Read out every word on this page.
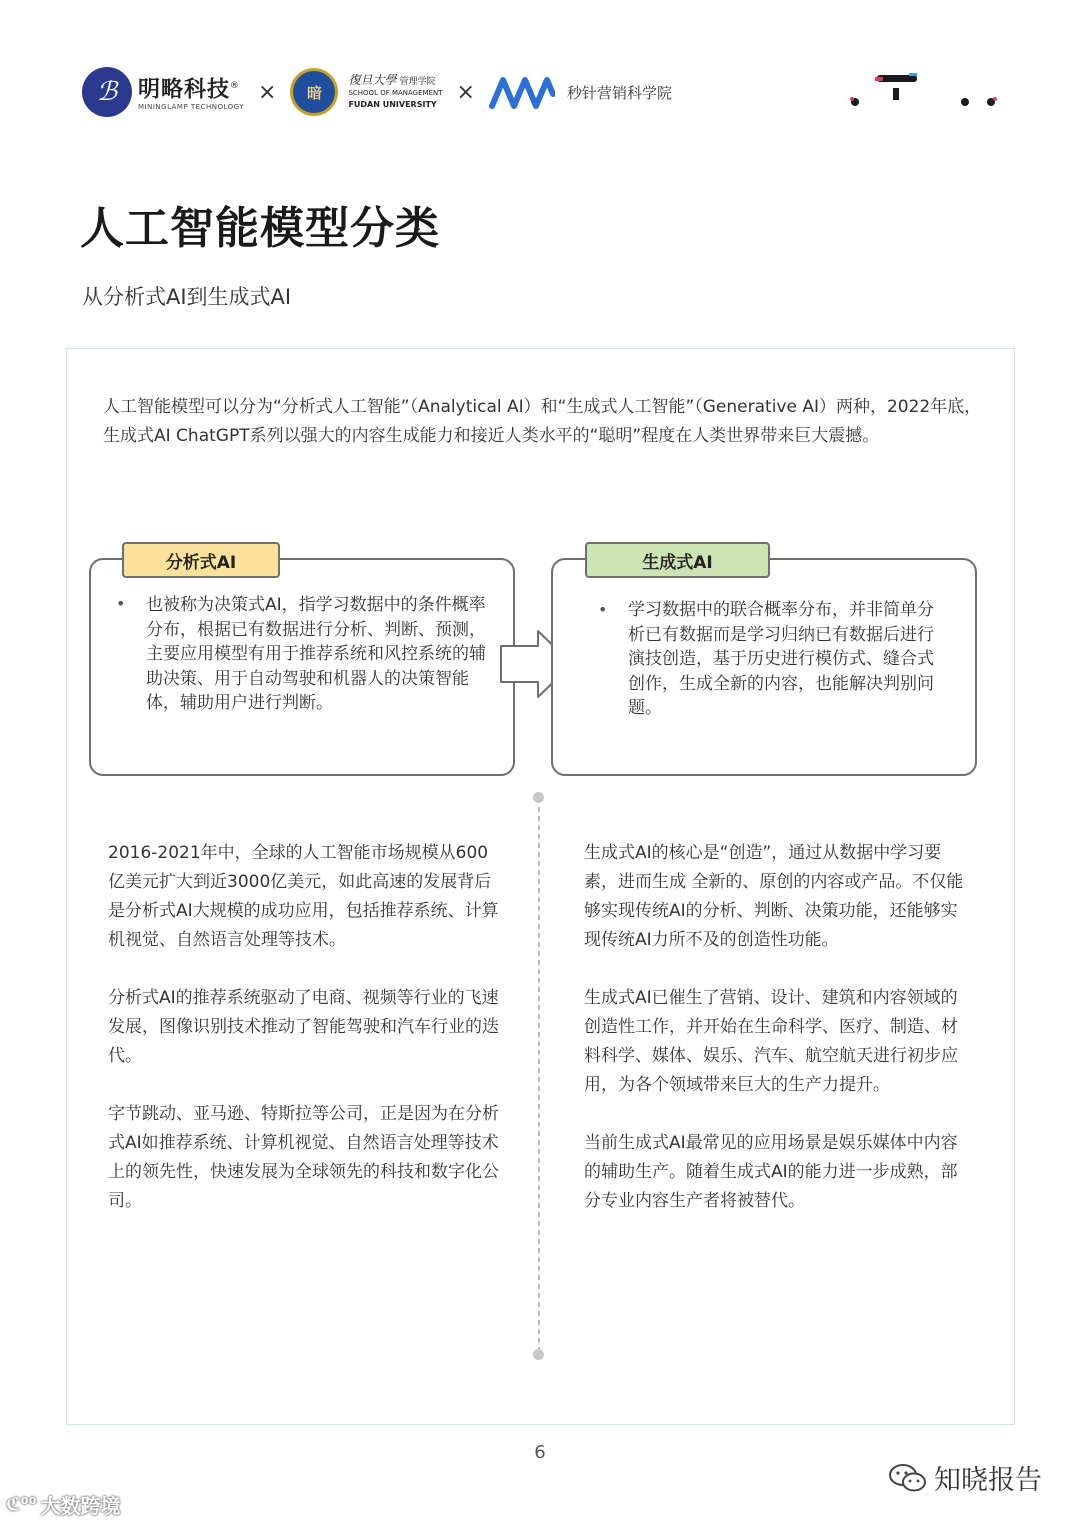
ℬ 明略科技®
MININGLAMP TECHNOLOGY
×	暗
復旦大學 管理学院
SCHOOL OF MANAGEMENT
FUDAN UNIVERSITY ×	秒针营销科学院
人工智能模型分类
从分析式AI到生成式AI

人工智能模型可以分为“分析式人工智能”（Analytical AI）和“生成式人工智能”（Generative AI）两种，2022年底，生成式AI ChatGPT系列以强大的内容生成能力和接近人类水平的“聪明”程度在人类世界带来巨大震撼。

分析式AI
• 也被称为决策式AI，指学习数据中的条件概率分布，根据已有数据进行分析、判断、预测，主要应用模型有用于推荐系统和风控系统的辅助决策、用于自动驾驶和机器人的决策智能体，辅助用户进行判断。

生成式AI
• 学习数据中的联合概率分布，并非简单分析已有数据而是学习归纳已有数据后进行演技创造，基于历史进行模仿式、缝合式创作，生成全新的内容，也能解决判别问题。

2016-2021年中，全球的人工智能市场规模从600亿美元扩大到近3000亿美元，如此高速的发展背后是分析式AI大规模的成功应用，包括推荐系统、计算机视觉、自然语言处理等技术。

分析式AI的推荐系统驱动了电商、视频等行业的飞速发展，图像识别技术推动了智能驾驶和汽车行业的迭代。

字节跳动、亚马逊、特斯拉等公司，正是因为在分析式AI如推荐系统、计算机视觉、自然语言处理等技术上的领先性，快速发展为全球领先的科技和数字化公司。

生成式AI的核心是“创造”，通过从数据中学习要素，进而生成 全新的、原创的内容或产品。不仅能够实现传统AI的分析、判断、决策功能，还能够实现传统AI力所不及的创造性功能。

生成式AI已催生了营销、设计、建筑和内容领域的创造性工作，并开始在生命科学、医疗、制造、材料科学、媒体、娱乐、汽车、航空航天进行初步应用，为各个领域带来巨大的生产力提升。

当前生成式AI最常见的应用场景是娱乐媒体中内容的辅助生产。随着生成式AI的能力进一步成熟，部分专业内容生产者将被替代。

6
ℭ⁰⁰ 大数跨境
知晓报告
